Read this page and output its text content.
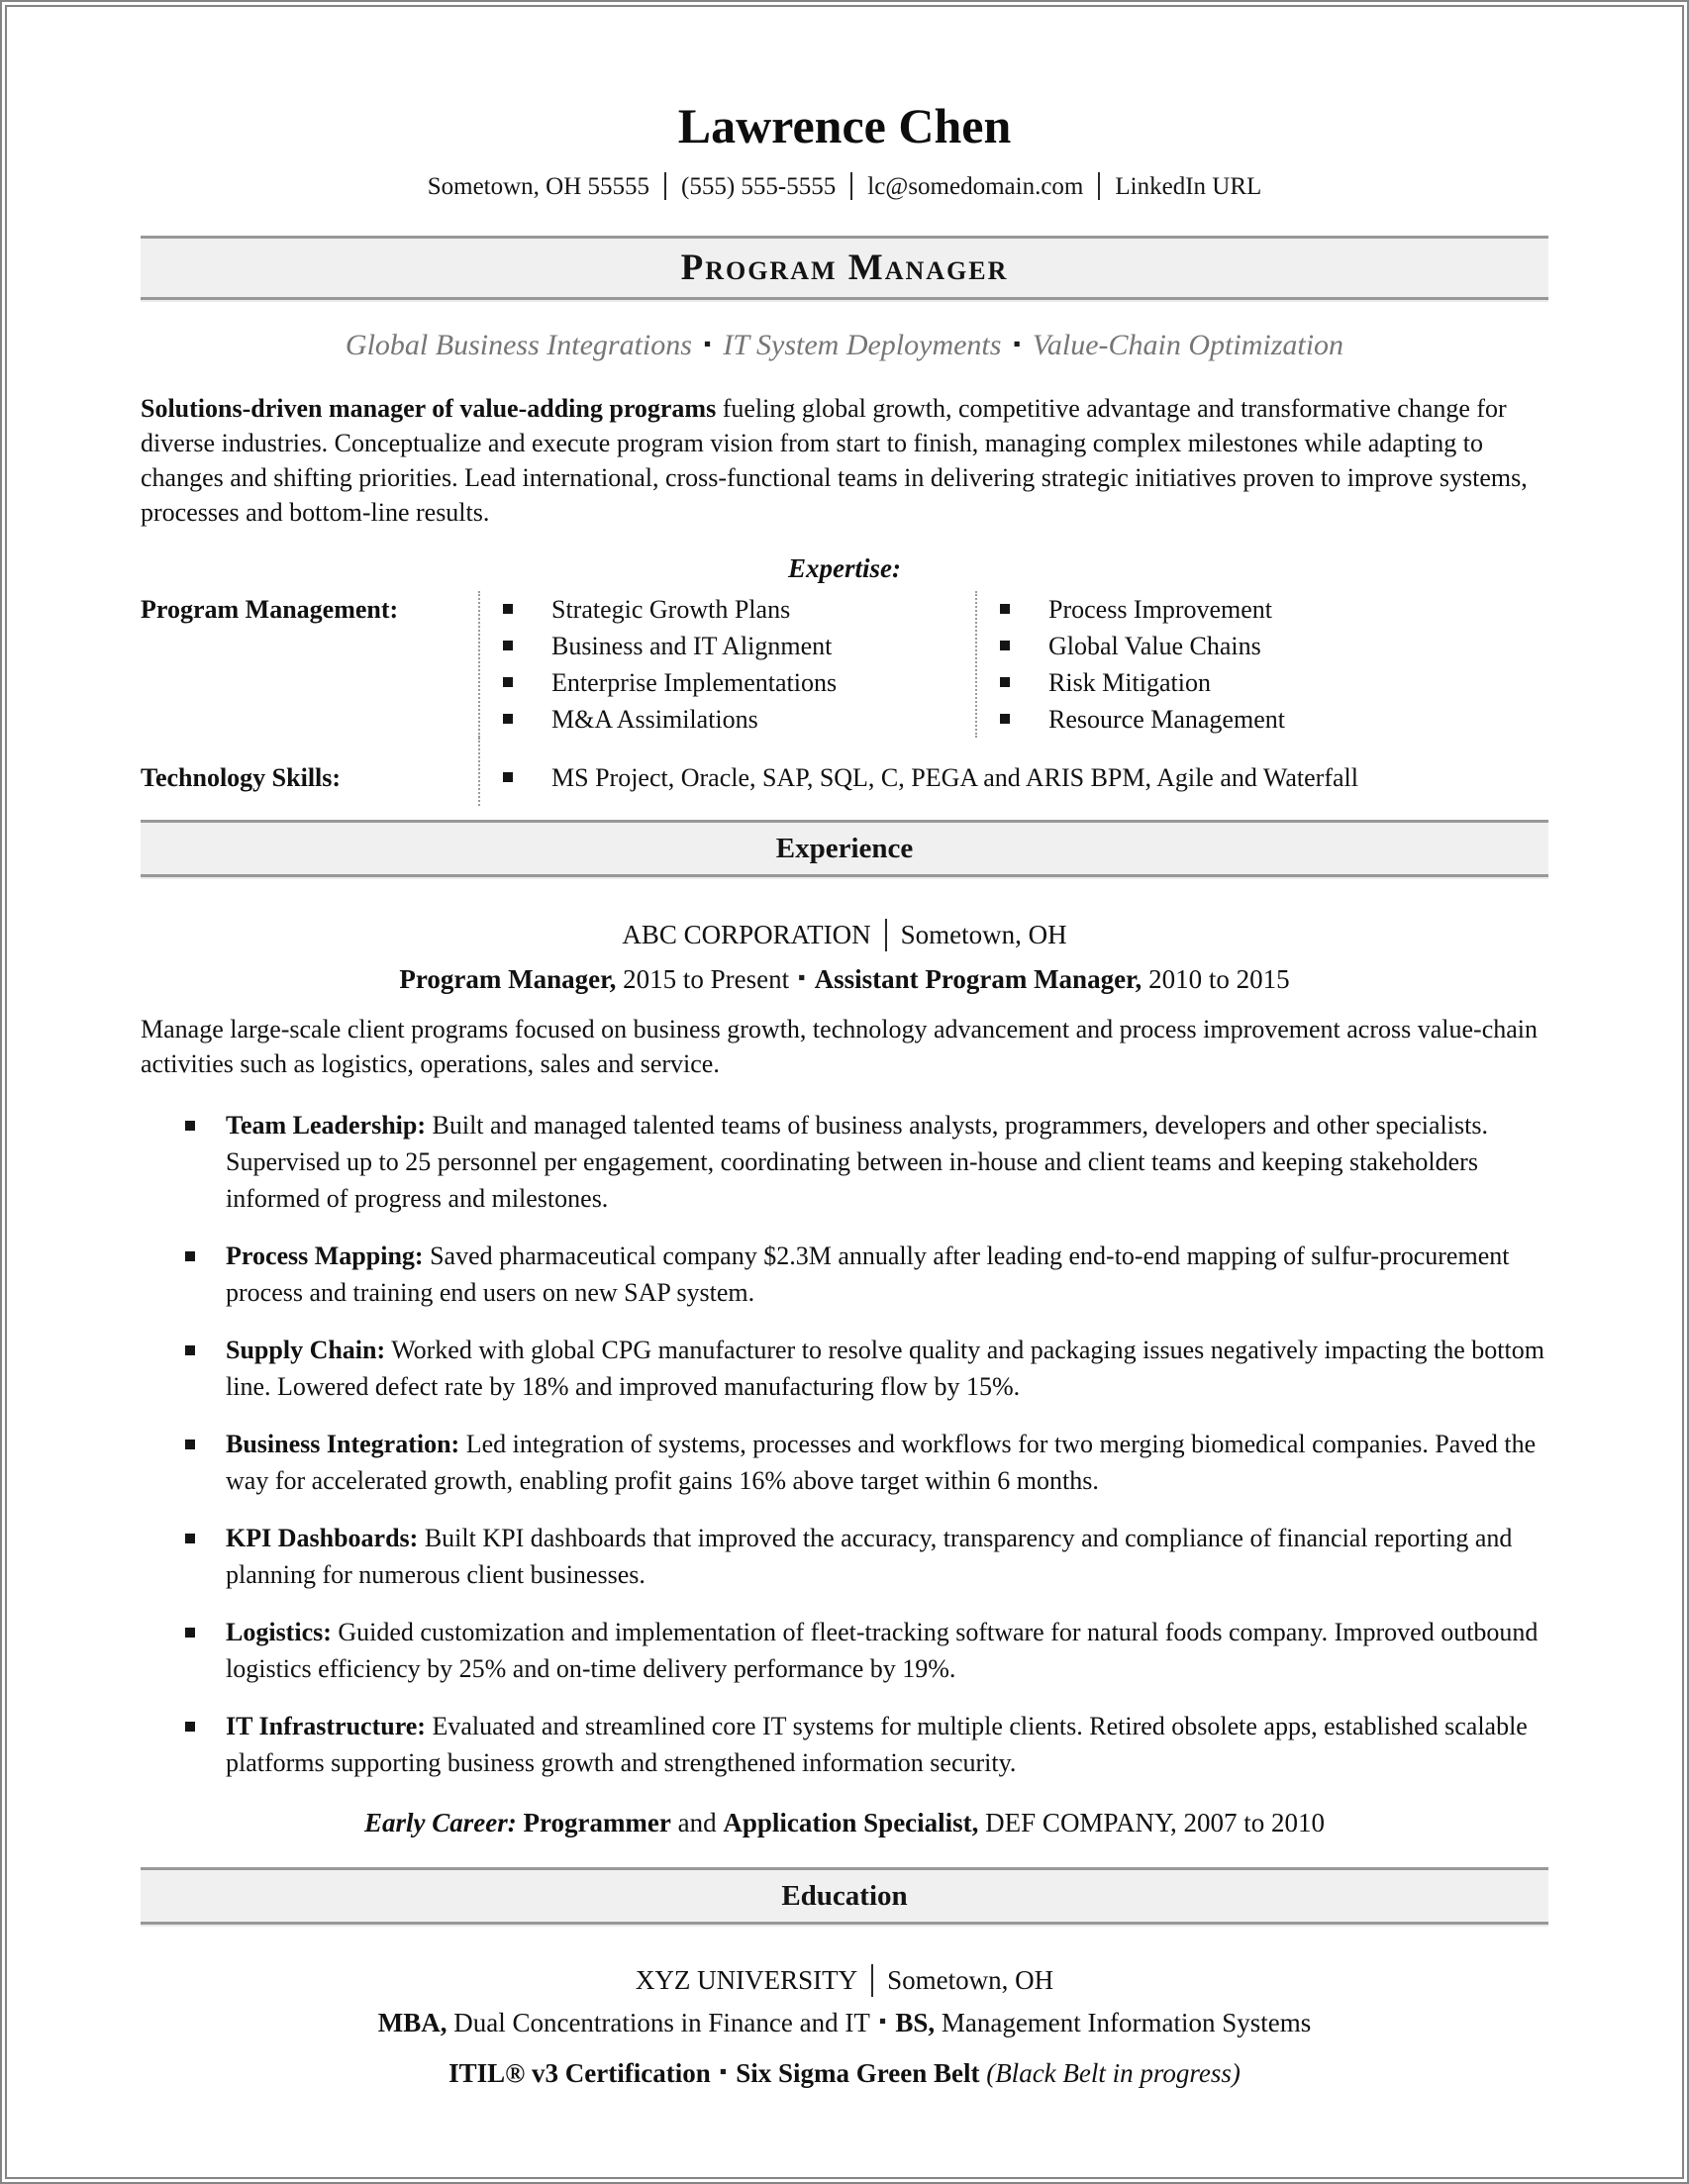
Lawrence Chen
Sometown, OH 55555 (555) 555-5555 lc@somedomain.com LinkedIn URL
Program Manager
Global Business Integrations ▪ IT System Deployments ▪ Value-Chain Optimization

Solutions-driven manager of value-adding programs fueling global growth, competitive advantage and transformative change for diverse industries. Conceptualize and execute program vision from start to finish, managing complex milestones while adapting to changes and shifting priorities. Lead international, cross-functional teams in delivering strategic initiatives proven to improve systems, processes and bottom-line results.

Expertise:
Program Management:	Strategic Growth Plans
Business and IT Alignment
Enterprise Implementations
M&A Assimilations
Process Improvement
Global Value Chains
Risk Mitigation
Resource Management
Technology Skills:	MS Project, Oracle, SAP, SQL, C, PEGA and ARIS BPM, Agile and Waterfall
Experience
ABC CORPORATION Sometown, OH
Program Manager, 2015 to Present ▪ Assistant Program Manager, 2010 to 2015

Manage large-scale client programs focused on business growth, technology advancement and process improvement across value-chain activities such as logistics, operations, sales and service.

Team Leadership: Built and managed talented teams of business analysts, programmers, developers and other specialists. Supervised up to 25 personnel per engagement, coordinating between in-house and client teams and keeping stakeholders informed of progress and milestones.
Process Mapping: Saved pharmaceutical company $2.3M annually after leading end-to-end mapping of sulfur-procurement process and training end users on new SAP system.
Supply Chain: Worked with global CPG manufacturer to resolve quality and packaging issues negatively impacting the bottom line. Lowered defect rate by 18% and improved manufacturing flow by 15%.
Business Integration: Led integration of systems, processes and workflows for two merging biomedical companies. Paved the way for accelerated growth, enabling profit gains 16% above target within 6 months.
KPI Dashboards: Built KPI dashboards that improved the accuracy, transparency and compliance of financial reporting and planning for numerous client businesses.
Logistics: Guided customization and implementation of fleet-tracking software for natural foods company. Improved outbound logistics efficiency by 25% and on-time delivery performance by 19%.
IT Infrastructure: Evaluated and streamlined core IT systems for multiple clients. Retired obsolete apps, established scalable platforms supporting business growth and strengthened information security.
Early Career: Programmer and Application Specialist, DEF COMPANY, 2007 to 2010
Education
XYZ UNIVERSITY Sometown, OH
MBA, Dual Concentrations in Finance and IT ▪ BS, Management Information Systems
ITIL® v3 Certification ▪ Six Sigma Green Belt (Black Belt in progress)
